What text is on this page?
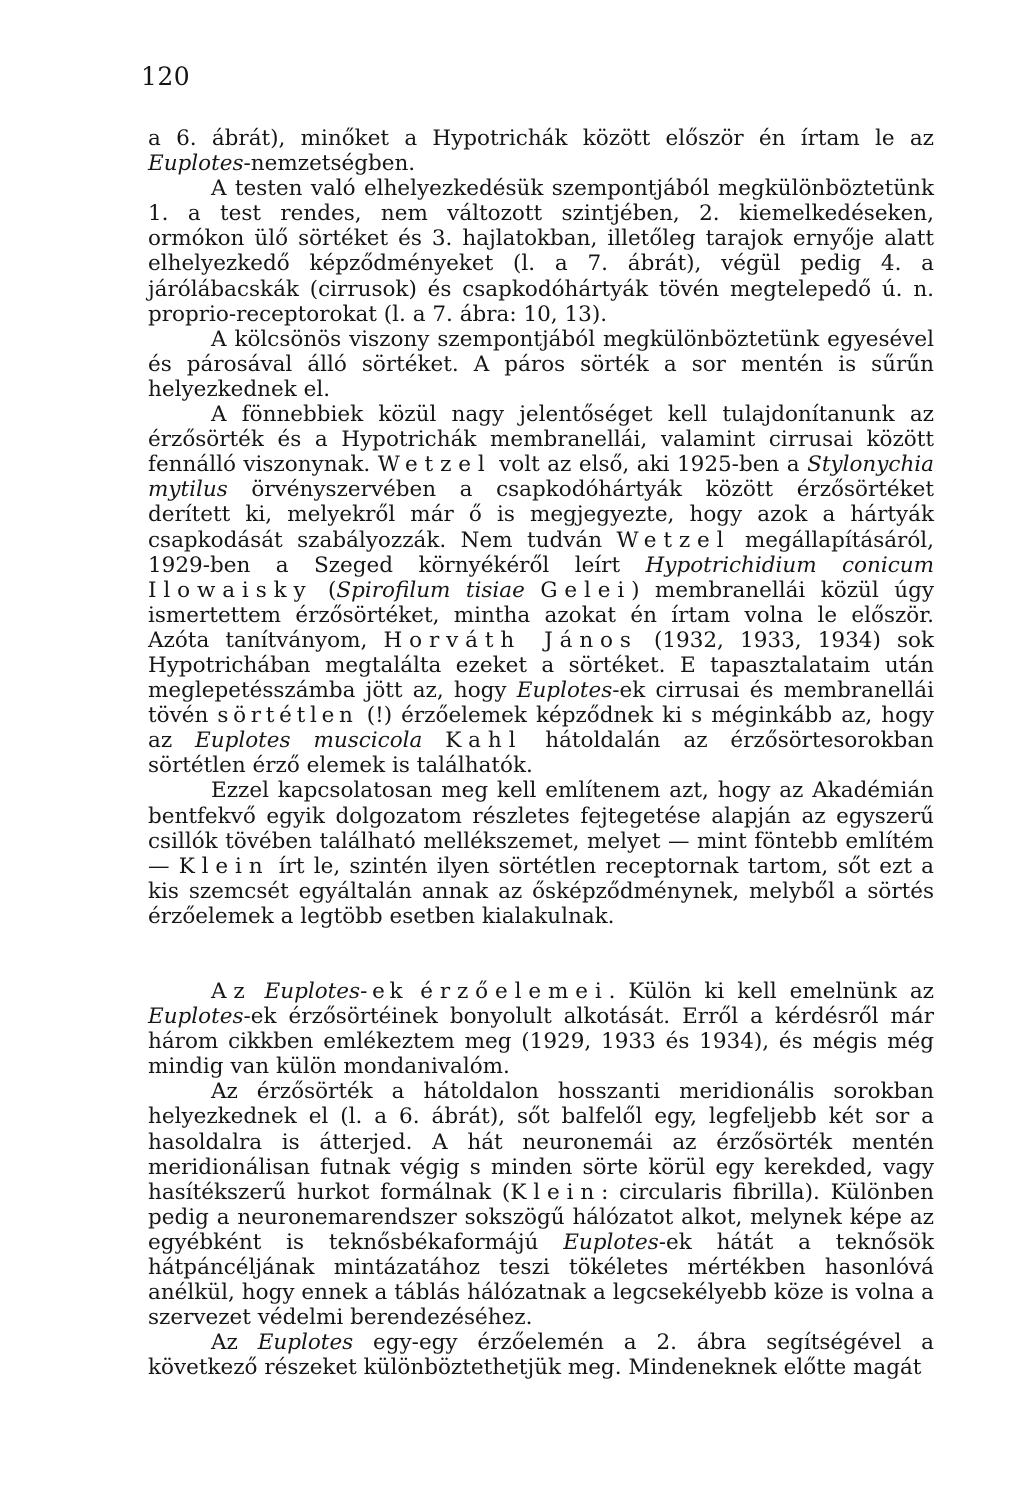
120

a 6. ábrát), minőket a Hypotrichák között először én írtam le az Euplotes-nemzetségben.

A testen való elhelyezkedésük szempontjából megkülönböztetünk 1. a test rendes, nem változott szintjében, 2. kiemelkedéseken, ormókon ülő sörtéket és 3. hajlatokban, illetőleg tarajok ernyője alatt elhelyezkedő képződményeket (l. a 7. ábrát), végül pedig 4. a járólábacskák (cirrusok) és csapkodóhártyák tövén megtelepedő ú. n. proprio-receptorokat (l. a 7. ábra: 10, 13).

A kölcsönös viszony szempontjából megkülönböztetünk egyesével és párosával álló sörtéket. A páros sörték a sor mentén is sűrűn helyezkednek el.

A fönnebbiek közül nagy jelentőséget kell tulajdonítanunk az érzősörték és a Hypotrichák membranellái, valamint cirrusai között fennálló viszonynak. Wetzel volt az első, aki 1925-ben a Stylonychia mytilus örvényszervében a csapkodóhártyák között érzősörtéket derített ki, melyekről már ő is megjegyezte, hogy azok a hártyák csapkodását szabályozzák. Nem tudván Wetzel megállapításáról, 1929-ben a Szeged környékéről leírt Hypotrichidium conicum Ilowaisky (Spirofilum tisiae Gelei) membranellái közül úgy ismertettem érzősörtéket, mintha azokat én írtam volna le először. Azóta tanítványom, Horváth János (1932, 1933, 1934) sok Hypotrichában megtalálta ezeket a sörtéket. E tapasztalataim után meglepetésszámba jött az, hogy Euplotes-ek cirrusai és membranellái tövén sörtétlen (!) érzőelemek képződnek ki s méginkább az, hogy az Euplotes muscicola Kahl hátoldalán az érzősörtesorokban sörtétlen érző elemek is találhatók.

Ezzel kapcsolatosan meg kell említenem azt, hogy az Akadémián bentfekvő egyik dolgozatom részletes fejtegetése alapján az egyszerű csillók tövében található mellékszemet, melyet — mint föntebb említém — Klein írt le, szintén ilyen sörtétlen receptornak tartom, sőt ezt a kis szemcsét egyáltalán annak az ősképződménynek, melyből a sörtés érzőelemek a legtöbb esetben kialakulnak.

Az Euplotes-ek érzőelemei. Külön ki kell emelnünk az Euplotes-ek érzősörtéinek bonyolult alkotását. Erről a kérdésről már három cikkben emlékeztem meg (1929, 1933 és 1934), és mégis még mindig van külön mondanivalóm.

Az érzősörték a hátoldalon hosszanti meridionális sorokban helyezkednek el (l. a 6. ábrát), sőt balfelől egy, legfeljebb két sor a hasoldalra is átterjed. A hát neuronemái az érzősörték mentén meridionálisan futnak végig s minden sörte körül egy kerekded, vagy hasítékszerű hurkot formálnak (Klein: circularis fibrilla). Különben pedig a neuronemarendszer sokszögű hálózatot alkot, melynek képe az egyébként is teknősbékaformájú Euplotes-ek hátát a teknősök hátpáncéljának mintázatához teszi tökéletes mértékben hasonlóvá anélkül, hogy ennek a táblás hálózatnak a legcsekélyebb köze is volna a szervezet védelmi berendezéséhez.

Az Euplotes egy-egy érzőelemén a 2. ábra segítségével a következő részeket különböztethetjük meg. Mindeneknek előtte magát
